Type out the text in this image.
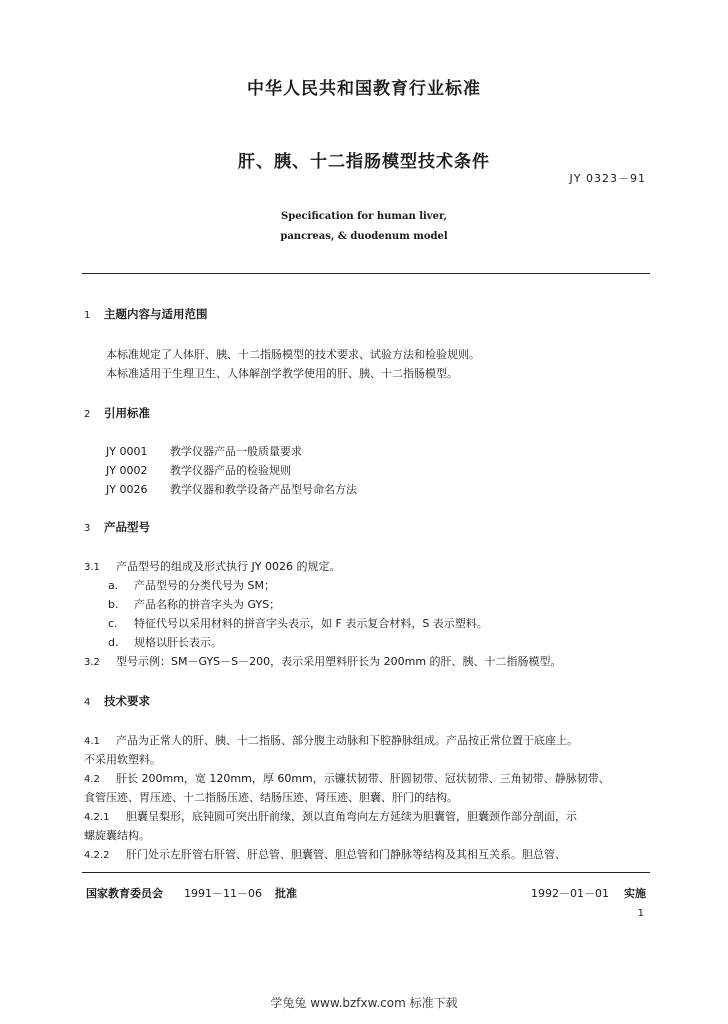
中华人民共和国教育行业标准
肝、胰、十二指肠模型技术条件
JY 0323－91
Specification for human liver,
pancreas, & duodenum model
1 主题内容与适用范围
本标准规定了人体肝、胰、十二指肠模型的技术要求、试验方法和检验规则。
本标准适用于生理卫生、人体解剖学教学使用的肝、胰、十二指肠模型。
2 引用标准
JY 0001 教学仪器产品一般质量要求
JY 0002 教学仪器产品的检验规则
JY 0026 教学仪器和教学设备产品型号命名方法
3 产品型号
3.1 产品型号的组成及形式执行 JY 0026 的规定。
a. 产品型号的分类代号为 SM；
b. 产品名称的拼音字头为 GYS；
c. 特征代号以采用材料的拼音字头表示，如 F 表示复合材料，S 表示塑料。
d. 规格以肝长表示。
3.2 型号示例：SM－GYS－S－200，表示采用塑料肝长为 200mm 的肝、胰、十二指肠模型。
4 技术要求
4.1 产品为正常人的肝、胰、十二指肠、部分腹主动脉和下腔静脉组成。产品按正常位置于底座上。
不采用软塑料。
4.2 肝长 200mm，宽 120mm，厚 60mm，示镰状韧带、肝圆韧带、冠状韧带、三角韧带、静脉韧带、
食管压迹、胃压迹、十二指肠压迹、结肠压迹、肾压迹、胆囊、肝门的结构。
4.2.1 胆囊呈梨形，底钝圆可突出肝前缘，颈以直角弯向左方延续为胆囊管，胆囊颈作部分剖面，示
螺旋囊结构。
4.2.2 肝门处示左肝管右肝管、肝总管、胆囊管、胆总管和门静脉等结构及其相互关系。胆总管、
国家教育委员会 1991－11－06 批准	1992－01－01 实施
1
学兔兔 www.bzfxw.com 标准下载
